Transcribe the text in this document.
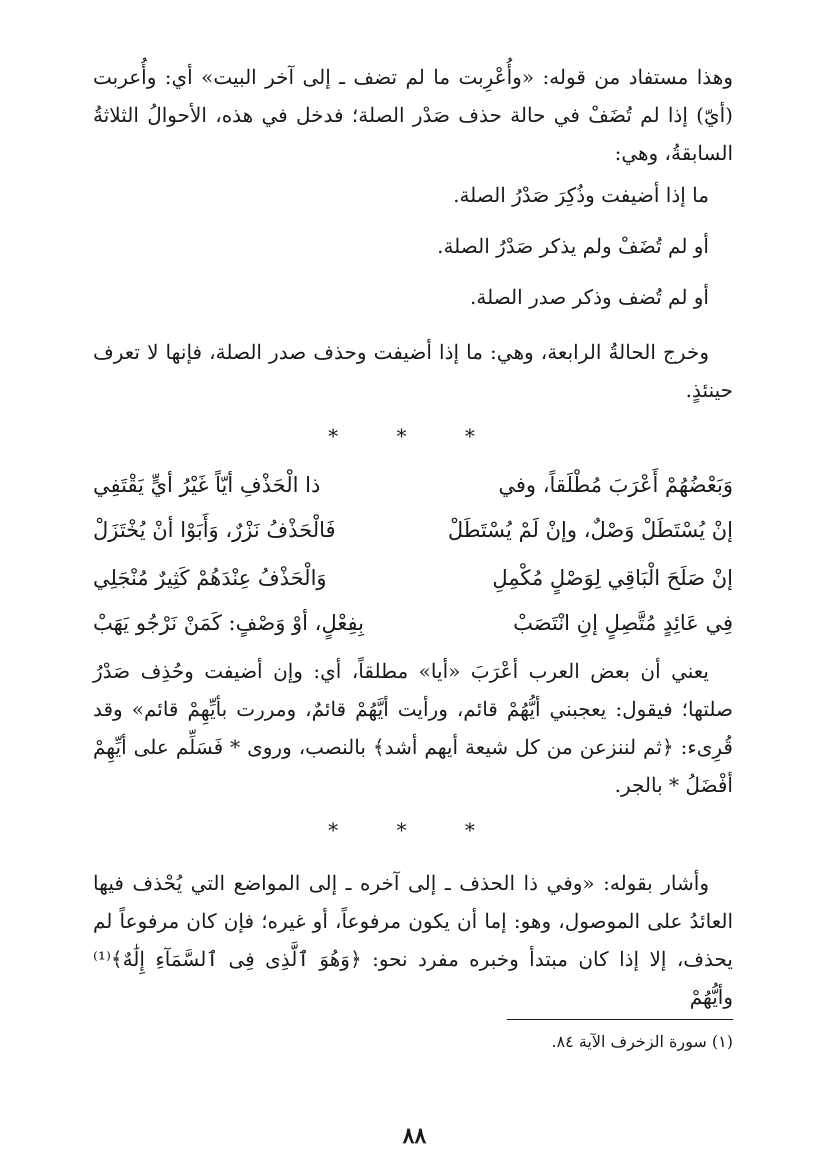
وهذا مستفاد من قوله: «وأُعْرِبت ما لم تضف ـ إلى آخر البيت» أي: وأُعربت (أيّ) إذا لم تُضَفْ في حالة حذف صَدْر الصلة؛ فدخل في هذه، الأحوالُ الثلاثةُ السابقةُ، وهي:
ما إذا أضيفت وذُكِرَ صَدْرُ الصلة.
أو لم تُضَفْ ولم يذكر صَدْرُ الصلة.
أو لم تُضف وذكر صدر الصلة.
وخرج الحالةُ الرابعة، وهي: ما إذا أضيفت وحذف صدر الصلة، فإنها لا تعرف حينئذٍ.
* * *
وَبَعْضُهُمْ أَعْرَبَ مُطْلَقاً، وفي
ذا الْحَذْفِ أيّاً غَيْرُ أيٍّ يَقْتَفِي
إنْ يُسْتَطَلْ وَصْلٌ، وإنْ لَمْ يُسْتَطَلْ
فَالْحَذْفُ نَزْرٌ، وَأَبَوْا أنْ يُخْتَزَلْ
إنْ صَلَحَ الْبَاقِي لِوَصْلٍ مُكْمِلِ
وَالْحَذْفُ عِنْدَهُمْ كَثِيرٌ مُنْجَلِي
فِي عَائِدٍ مُتَّصِلٍ إنِ انْتَصَبْ
بِفِعْلٍ، أوْ وَصْفٍ: كَمَنْ نَرْجُو يَهَبْ
يعني أن بعض العرب أعْرَبَ «أيا» مطلقاً، أي: وإن أضيفت وحُذِف صَدْرُ صلتها؛ فيقول: يعجبني أيُّهُمْ قائم، ورأيت أيَّهُمْ قائمٌ، ومررت بأيِّهِمْ قائم» وقد قُرِىء: ﴿ثم لننزعن من كل شيعة أيهم أشد﴾ بالنصب، وروى * فَسَلِّم على أيِّهِمْ أفْضَلُ * بالجر.
* * *
وأشار بقوله: «وفي ذا الحذف ـ إلى آخره ـ إلى المواضع التي يُحْذف فيها العائدُ على الموصول، وهو: إما أن يكون مرفوعاً، أو غيره؛ فإن كان مرفوعاً لم يحذف، إلا إذا كان مبتدأ وخبره مفرد نحو: ﴿وَهُوَ ٱلَّذِى فِى ٱلسَّمَآءِ إِلَٰهٌ﴾⁽¹⁾ وأيُّهُمْ
(١) سورة الزخرف الآية ٨٤.
٨٨
